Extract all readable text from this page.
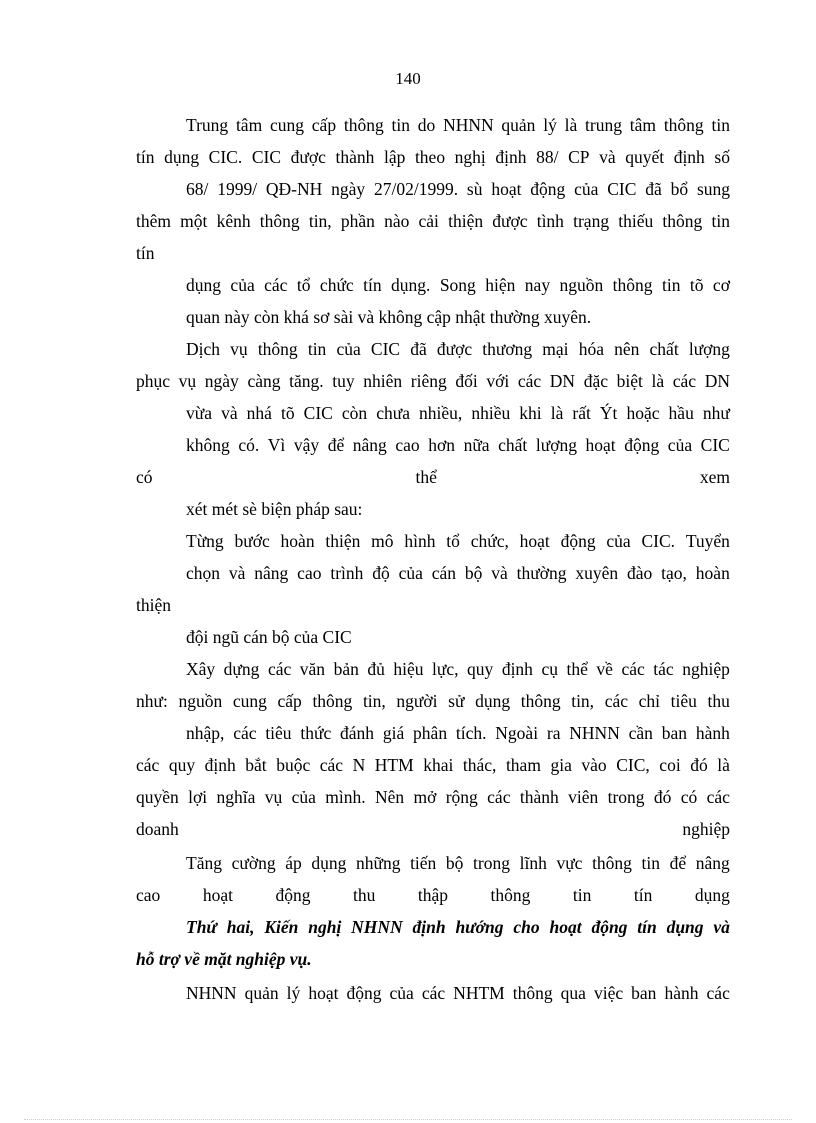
140
Trung tâm cung cấp thông tin do NHNN quản lý là trung tâm thông tin
tín dụng CIC. CIC được thành lập theo nghị định 88/ CP và quyết định số
68/ 1999/ QĐ-NH ngày 27/02/1999. sù hoạt động của CIC đã bổ sung
thêm một kênh thông tin, phần nào cải thiện được tình trạng thiếu thông tin
tín
dụng của các tổ chức tín dụng. Song hiện nay nguồn thông tin tõ cơ
quan này còn khá sơ sài và không cập nhật thường xuyên.
Dịch vụ thông tin của CIC đã được thương mại hóa nên chất lượng
phục vụ ngày càng tăng. tuy nhiên riêng đối với các DN đặc biệt là các DN
vừa và nhá tõ CIC còn chưa nhiều, nhiều khi là rất Ýt hoặc hầu như
không có. Vì vậy để nâng cao hơn nữa chất lượng hoạt động của CIC
có	thể	xem
xét mét sè biện pháp sau:
Từng bước hoàn thiện mô hình tổ chức, hoạt động của CIC. Tuyển
chọn và nâng cao trình độ của cán bộ và thường xuyên đào tạo, hoàn
thiện
đội ngũ cán bộ của CIC
Xây dựng các văn bản đủ hiệu lực, quy định cụ thể về các tác nghiệp
như: nguồn cung cấp thông tin, người sử dụng thông tin, các chỉ tiêu thu
nhập, các tiêu thức đánh giá phân tích. Ngoài ra NHNN cần ban hành
các quy định bắt buộc các N HTM khai thác, tham gia vào CIC, coi đó là
quyền lợi nghĩa vụ của mình. Nên mở rộng các thành viên trong đó có các
doanh	nghiệp
Tăng cường áp dụng những tiến bộ trong lĩnh vực thông tin để nâng
cao hoạt động thu thập thông tin tín dụng
Thứ hai, Kiến nghị NHNN định hướng cho hoạt động tín dụng và
hỗ trợ về mặt nghiệp vụ.
NHNN quản lý hoạt động của các NHTM thông qua việc ban hành các
